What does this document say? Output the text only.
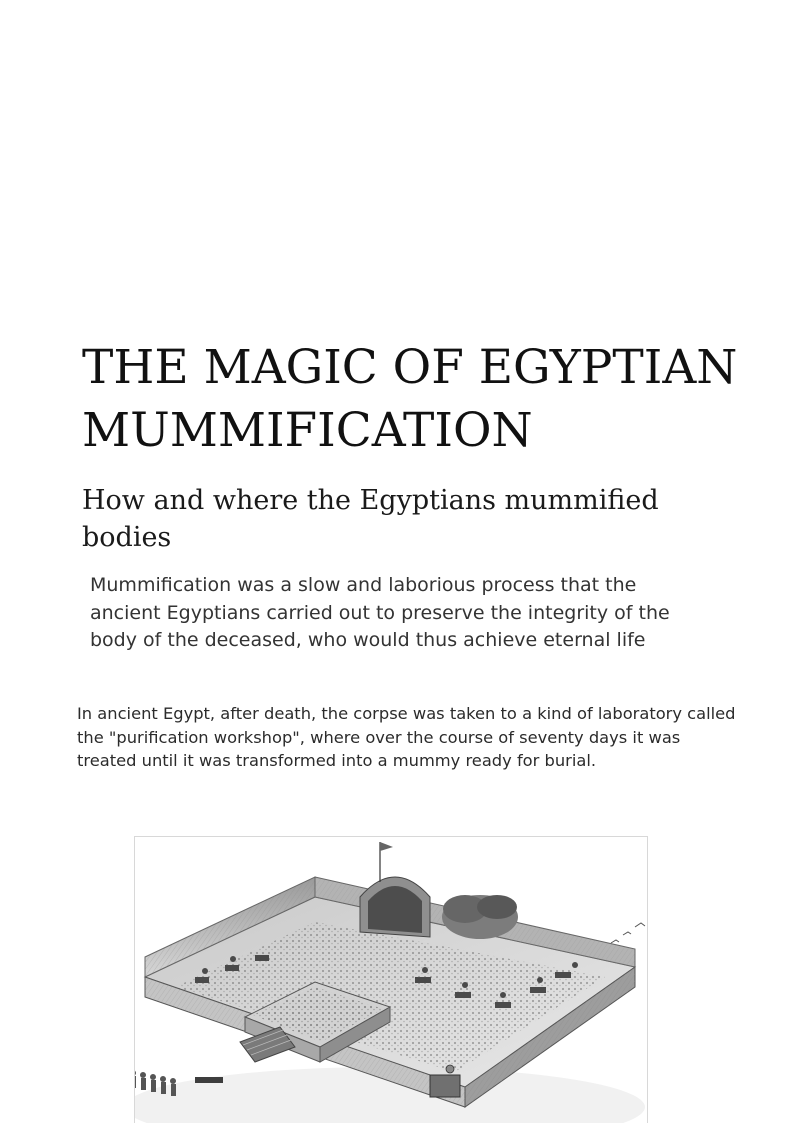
THE MAGIC OF EGYPTIAN MUMMIFICATION
How and where the Egyptians mummified bodies

Mummification was a slow and laborious process that the ancient Egyptians carried out to preserve the integrity of the body of the deceased, who would thus achieve eternal life

In ancient Egypt, after death, the corpse was taken to a kind of laboratory called the "purification workshop", where over the course of seventy days it was treated until it was transformed into a mummy ready for burial.
